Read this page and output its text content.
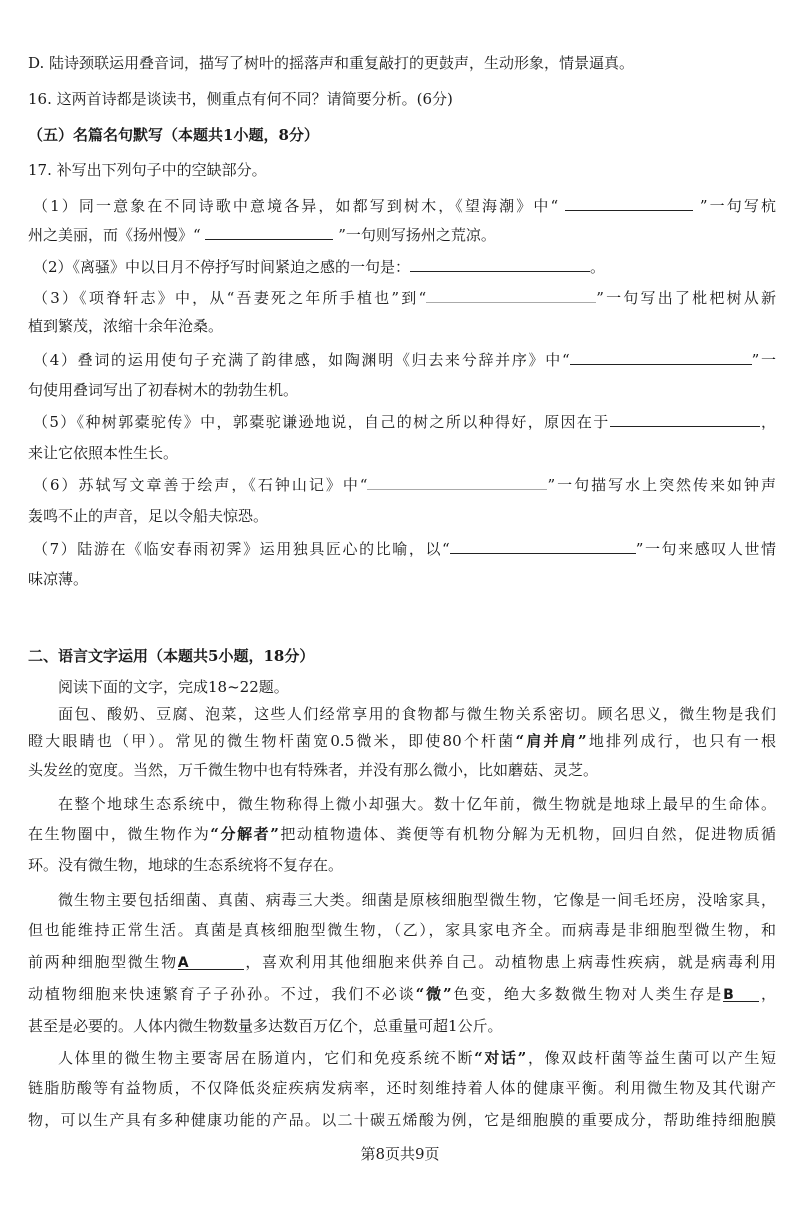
D. 陆诗颈联运用叠音词，描写了树叶的摇落声和重复敲打的更鼓声，生动形象，情景逼真。
16. 这两首诗都是谈读书，侧重点有何不同？请简要分析。(6分)
（五）名篇名句默写（本题共1小题，8分）
17. 补写出下列句子中的空缺部分。
（1）同一意象在不同诗歌中意境各异，如都写到树木，《望海潮》中“	”一句写杭
州之美丽，而《扬州慢》“	”一句则写扬州之荒凉。
（2）《离骚》中以日月不停抒写时间紧迫之感的一句是：	。
（3）《项脊轩志》中，从“吾妻死之年所手植也”到“	”一句写出了枇杷树从新
植到繁茂，浓缩十余年沧桑。
（4）叠词的运用使句子充满了韵律感，如陶渊明《归去来兮辞并序》中“	”一
句使用叠词写出了初春树木的勃勃生机。
（5）《种树郭橐驼传》中，郭橐驼谦逊地说，自己的树之所以种得好，原因在于	，
来让它依照本性生长。
（6）苏轼写文章善于绘声，《石钟山记》中“	”一句描写水上突然传来如钟声
轰鸣不止的声音，足以令船夫惊恐。
（7）陆游在《临安春雨初霁》运用独具匠心的比喻，以“	”一句来感叹人世情
味凉薄。
二、语言文字运用（本题共5小题，18分）
阅读下面的文字，完成18~22题。
面包、酸奶、豆腐、泡菜，这些人们经常享用的食物都与微生物关系密切。顾名思义，微生物是我们
瞪大眼睛也（甲）。常见的微生物杆菌宽0.5微米，即使80个杆菌“肩并肩”地排列成行，也只有一根
头发丝的宽度。当然，万千微生物中也有特殊者，并没有那么微小，比如蘑菇、灵芝。
在整个地球生态系统中，微生物称得上微小却强大。数十亿年前，微生物就是地球上最早的生命体。
在生物圈中，微生物作为“分解者”把动植物遗体、粪便等有机物分解为无机物，回归自然，促进物质循
环。没有微生物，地球的生态系统将不复存在。
微生物主要包括细菌、真菌、病毒三大类。细菌是原核细胞型微生物，它像是一间毛坯房，没啥家具，
但也能维持正常生活。真菌是真核细胞型微生物，（乙），家具家电齐全。而病毒是非细胞型微生物，和
前两种细胞型微生物A	，喜欢利用其他细胞来供养自己。动植物患上病毒性疾病，就是病毒利用
动植物细胞来快速繁育子子孙孙。不过，我们不必谈“微”色变，绝大多数微生物对人类生存是B ，
甚至是必要的。人体内微生物数量多达数百万亿个，总重量可超1公斤。
人体里的微生物主要寄居在肠道内，它们和免疫系统不断“对话”，像双歧杆菌等益生菌可以产生短
链脂肪酸等有益物质，不仅降低炎症疾病发病率，还时刻维持着人体的健康平衡。利用微生物及其代谢产
物，可以生产具有多种健康功能的产品。以二十碳五烯酸为例，它是细胞膜的重要成分，帮助维持细胞膜
第8页共9页
